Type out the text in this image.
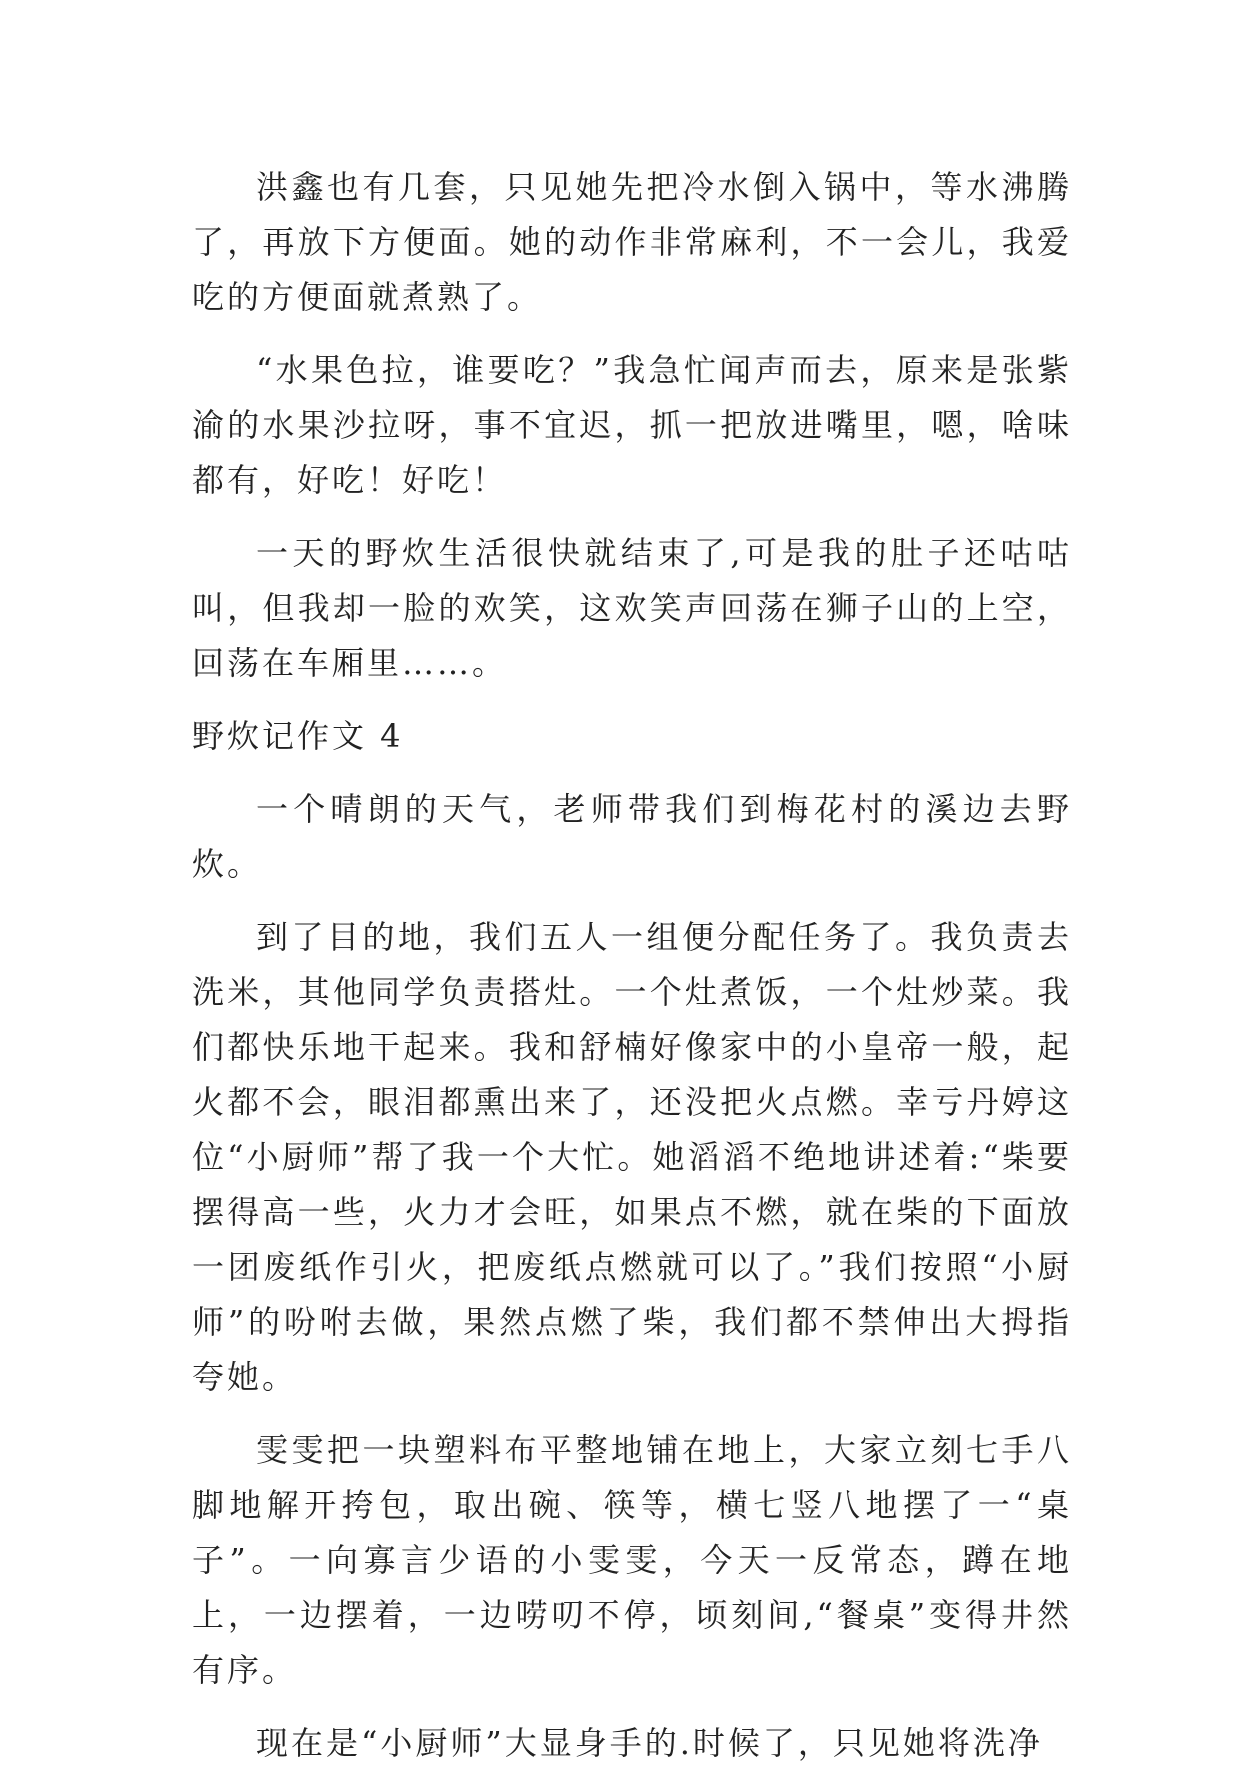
洪鑫也有几套，只见她先把冷水倒入锅中，等水沸腾了，再放下方便面。她的动作非常麻利，不一会儿，我爱吃的方便面就煮熟了。

“水果色拉，谁要吃？”我急忙闻声而去，原来是张紫渝的水果沙拉呀，事不宜迟，抓一把放进嘴里，嗯，啥味都有，好吃！好吃！

一天的野炊生活很快就结束了,可是我的肚子还咕咕叫，但我却一脸的欢笑，这欢笑声回荡在狮子山的上空，回荡在车厢里……。

野炊记作文 4

一个晴朗的天气，老师带我们到梅花村的溪边去野炊。

到了目的地，我们五人一组便分配任务了。我负责去洗米，其他同学负责搭灶。一个灶煮饭，一个灶炒菜。我们都快乐地干起来。我和舒楠好像家中的小皇帝一般，起火都不会，眼泪都熏出来了，还没把火点燃。幸亏丹婷这位“小厨师”帮了我一个大忙。她滔滔不绝地讲述着:“柴要摆得高一些，火力才会旺，如果点不燃，就在柴的下面放一团废纸作引火，把废纸点燃就可以了。”我们按照“小厨师”的吩咐去做，果然点燃了柴，我们都不禁伸出大拇指夸她。

雯雯把一块塑料布平整地铺在地上，大家立刻七手八脚地解开挎包，取出碗、筷等，横七竖八地摆了一“桌子”。一向寡言少语的小雯雯，今天一反常态，蹲在地上，一边摆着，一边唠叨不停，顷刻间,“餐桌”变得井然有序。

现在是“小厨师”大显身手的.时候了，只见她将洗净
